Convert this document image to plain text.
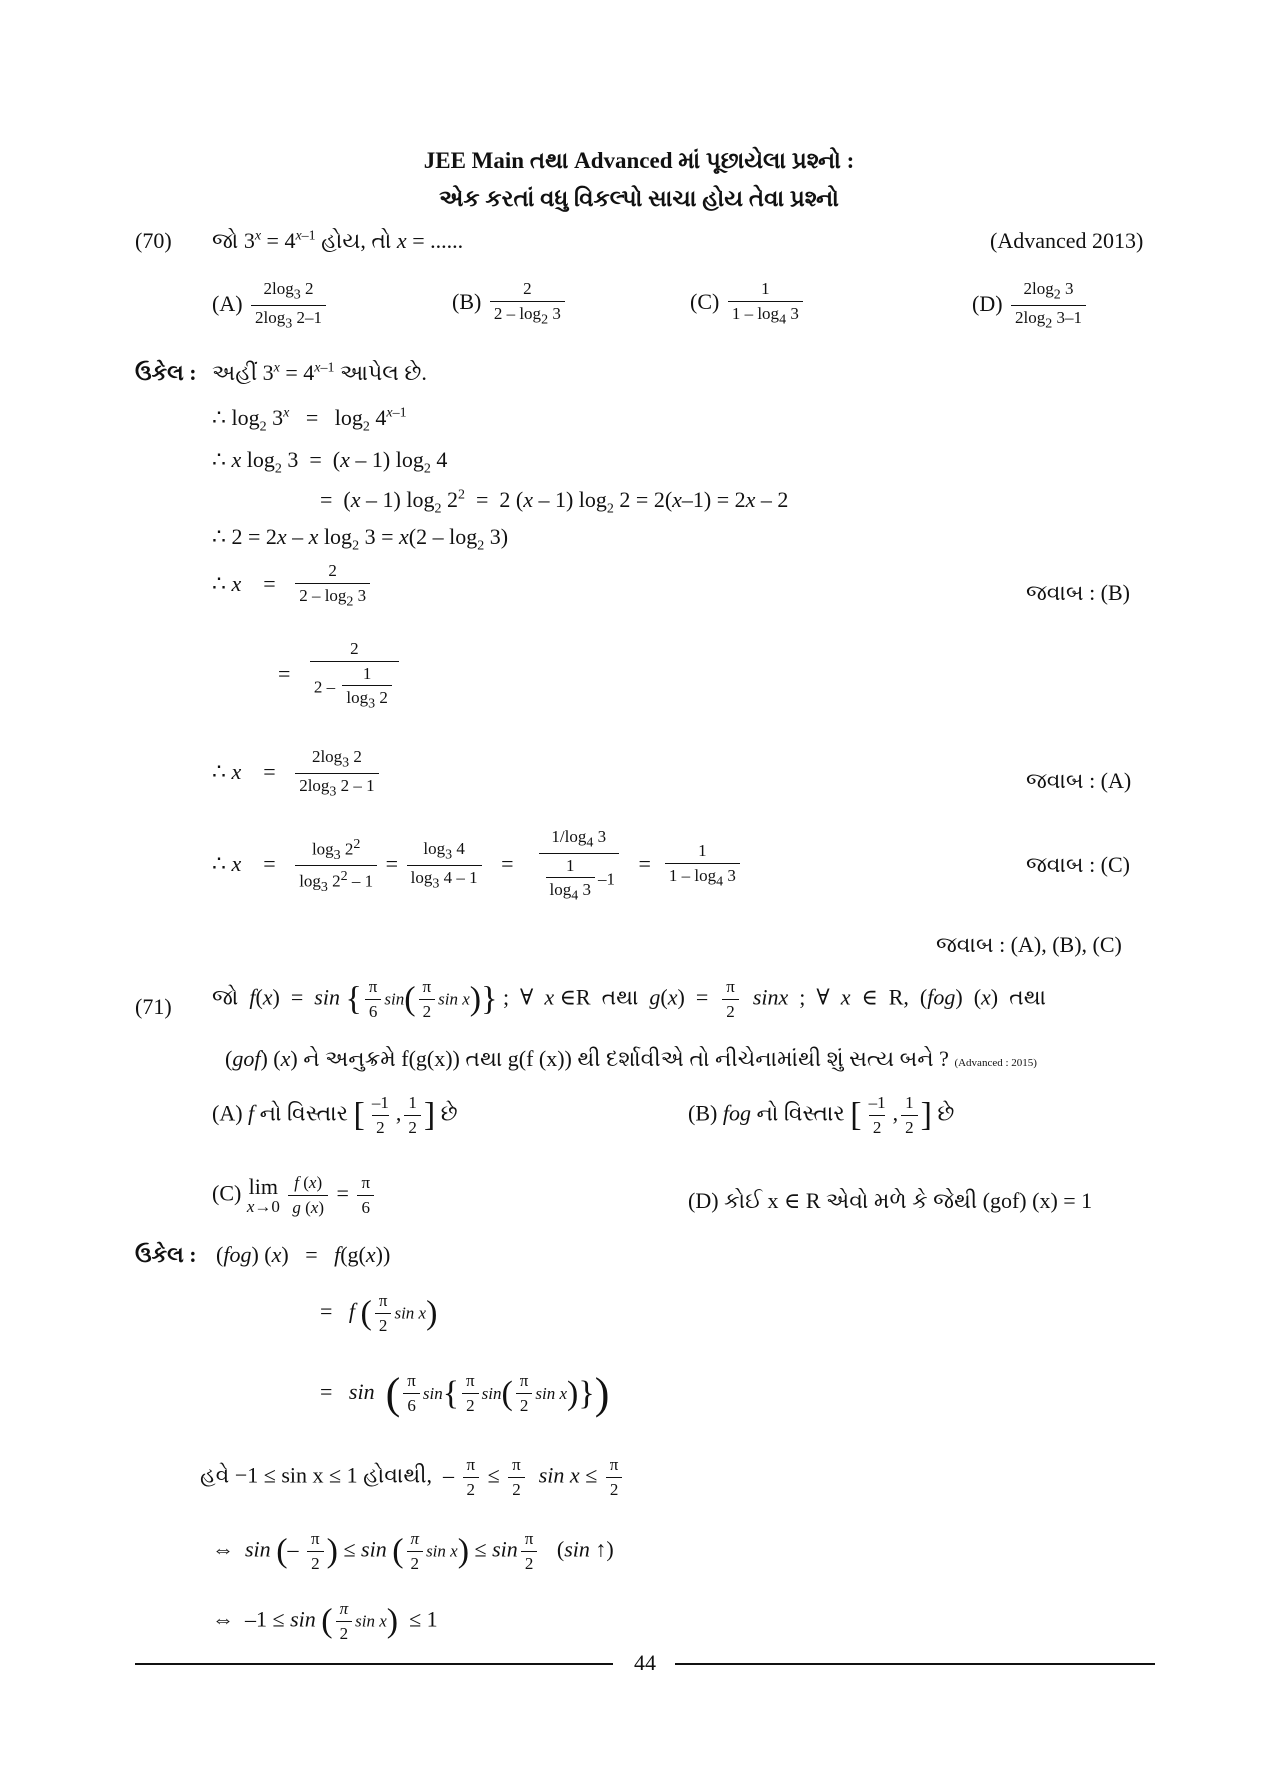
JEE Main તથા Advanced માં પૂછાયેલા પ્રશ્નો :
એક કરતાં વધુ વિકલ્પો સાચા હોય તેવા પ્રશ્નો
(70) જો $3^x = 4^{x-1}$ હોય, તો x = ......	(Advanced 2013)
$(A) \frac{2\log_3 2}{2\log_3 2-1}$	$(B) \frac{2}{2 - \log_2 3}$	$(C) \frac{1}{1 - \log_4 3}$	$(D) \frac{2\log_2 3}{2\log_2 3-1}$
ઉકેલ : અહીં $3^x = 4^{x-1}$ આપેલ છે.
∴ $\log_2 3^x = \log_2 4^{x-1}$
∴ x $\log_2 3 = (x - 1)$ $\log_2 4$
=  (x – 1) $\log_2 2^2 = 2$ (x – 1) $\log_2 2 = 2(x-1) = 2x - 2$
∴ 2 = 2x – x $\log_2 3 = x(2 - \log_2 3)$
∴ x    = $\frac{2}{2 - \log_2 3}$	જવાબ : (B)
= $\frac{2}{2 - \frac{1}{\log_3 2}}$
∴ x    = $\frac{2\log_3 2}{2\log_3 2 - 1}$	જવાબ : (A)
∴ x    = $\frac{\log_3 2^2}{\log_3 2^2 - 1} = \frac{\log_3 4}{\log_3 4 - 1} = \frac{1/\log_4 3}{\frac{1}{\log_4 3} -1} = \frac{1}{1 - \log_4 3}$	જવાબ : (C)
જવાબ : (A), (B), (C)
(71) જો f(x)  =  sin { $\frac{\pi}{6} \sin( \frac{\pi}{2}$ sin x)} ;  ∀  x ∈R  તથા $g(x) = \frac{\pi}{2}$ sinx  ;  ∀  x  ∈  R,  (fog)  (x)  તથા
(gof) (x) ને અનુક્રમે f(g(x)) તથા g(f (x)) થી દર્શાવીએ તો નીચેનામાંથી શું સત્ય બને ? (Advanced : 2015)
(A) f નો વિસ્તાર [ $\frac{-1}{2}$ , $\frac{1}{2}$ ] છે	(B) fog નો વિસ્તાર [ $\frac{-1}{2}$ , $\frac{1}{2}$ ] છે
(C) lim
x→0
$\frac{f (x)}{g (x)} = \frac{\pi}{6}$	(D) કોઈ x ∈ R એવો મળે કે જેથી (gof) (x) = 1
ઉકેલ : (fog) (x)   =   f(g(x))
=   f ( $\frac{\pi}{2}$ sin x)
=   sin ( $\frac{\pi}{6} \sin\{ \frac{\pi}{2} \sin( \frac{\pi}{2}$ sin x)})
હવે −1 ≤ sin x ≤ 1 હોવાથી,  – $\frac{\pi}{2} \le \frac{\pi}{2}$ $\sin x \le \frac{\pi}{2}$
⇔  sin (– $\frac{\pi}{2}$ ) ≤ sin ( $\frac{\pi}{2}$ $\sin x) \le \sin \frac{\pi}{2} (\sin$ ↑)
⇔  –1 ≤ sin ( $\frac{\pi}{2}$ sin x)  ≤ 1
44
